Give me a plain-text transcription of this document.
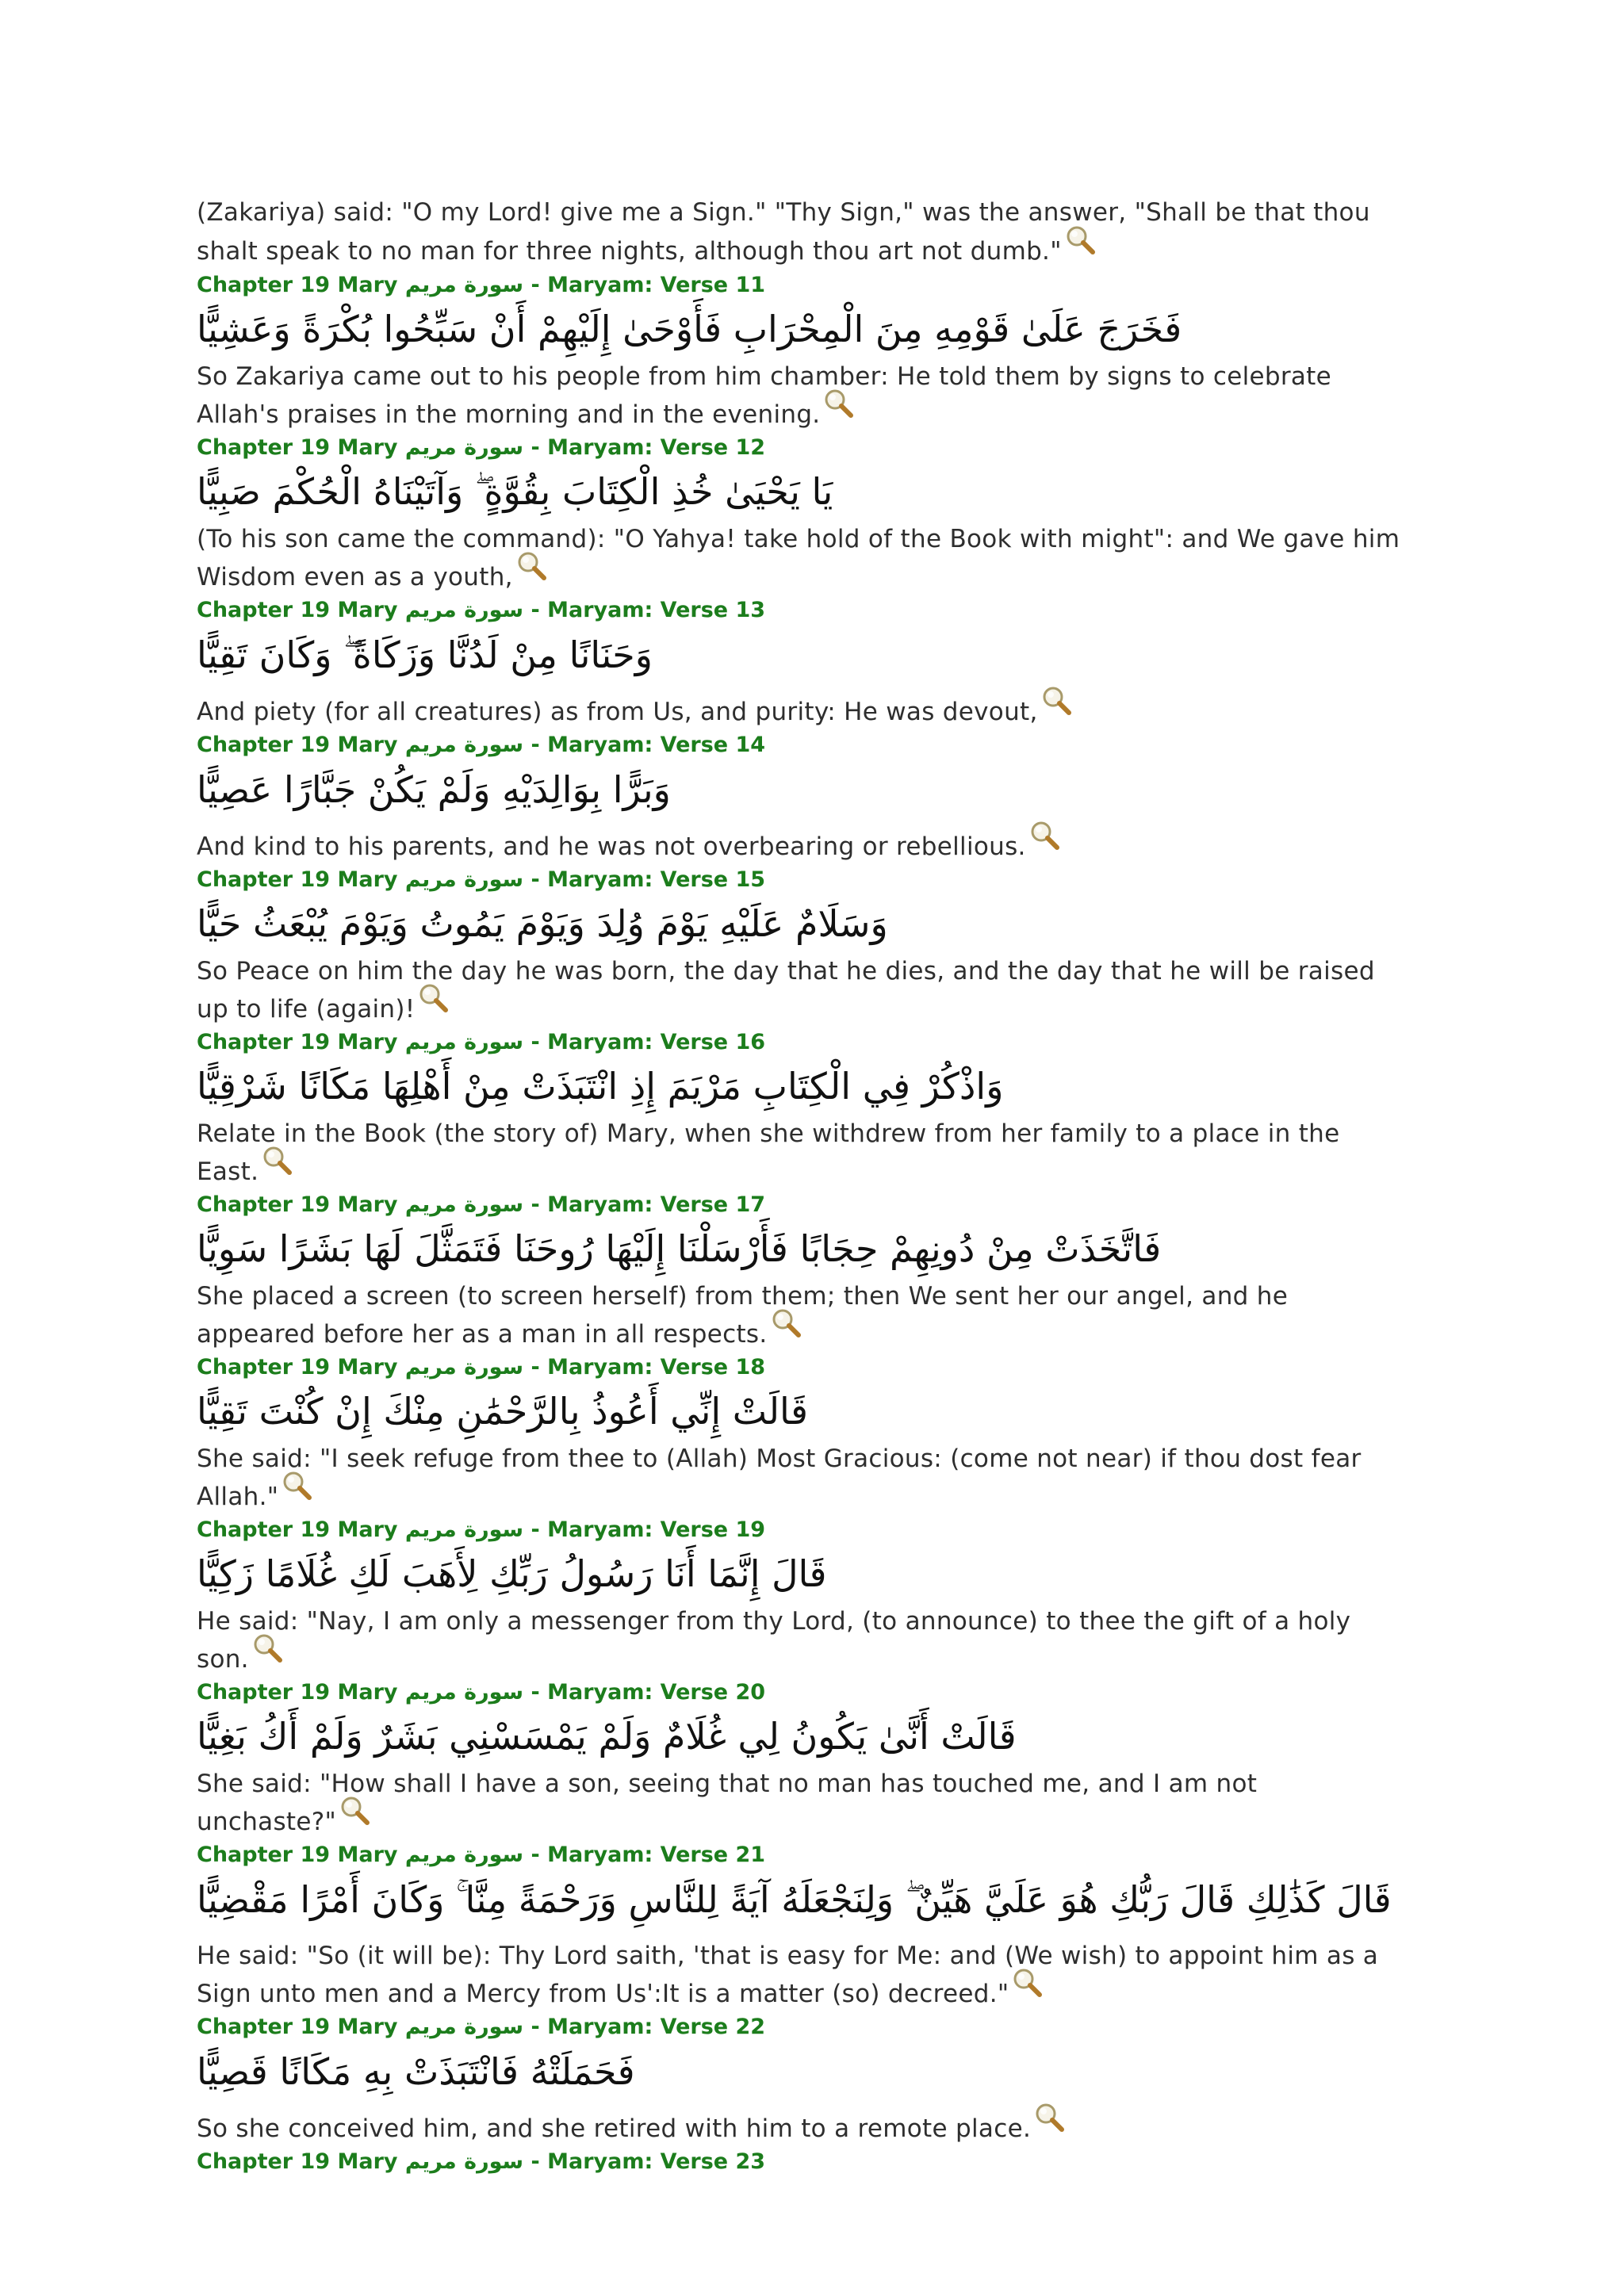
(Zakariya) said: "O my Lord! give me a Sign." "Thy Sign," was the answer, "Shall be that thou shalt speak to no man for three nights, although thou art not dumb."

Chapter 19 Mary سورة مريم - Maryam: Verse 11

فَخَرَجَ عَلَىٰ قَوْمِهِ مِنَ الْمِحْرَابِ فَأَوْحَىٰ إِلَيْهِمْ أَنْ سَبِّحُوا بُكْرَةً وَعَشِيًّا

So Zakariya came out to his people from him chamber: He told them by signs to celebrate Allah's praises in the morning and in the evening.

Chapter 19 Mary سورة مريم - Maryam: Verse 12

يَا يَحْيَىٰ خُذِ الْكِتَابَ بِقُوَّةٍ ۖ وَآتَيْنَاهُ الْحُكْمَ صَبِيًّا

(To his son came the command): "O Yahya! take hold of the Book with might": and We gave him Wisdom even as a youth,

Chapter 19 Mary سورة مريم - Maryam: Verse 13

وَحَنَانًا مِنْ لَدُنَّا وَزَكَاةً ۖ وَكَانَ تَقِيًّا

And piety (for all creatures) as from Us, and purity: He was devout,

Chapter 19 Mary سورة مريم - Maryam: Verse 14

وَبَرًّا بِوَالِدَيْهِ وَلَمْ يَكُنْ جَبَّارًا عَصِيًّا

And kind to his parents, and he was not overbearing or rebellious.

Chapter 19 Mary سورة مريم - Maryam: Verse 15

وَسَلَامٌ عَلَيْهِ يَوْمَ وُلِدَ وَيَوْمَ يَمُوتُ وَيَوْمَ يُبْعَثُ حَيًّا

So Peace on him the day he was born, the day that he dies, and the day that he will be raised up to life (again)!

Chapter 19 Mary سورة مريم - Maryam: Verse 16

وَاذْكُرْ فِي الْكِتَابِ مَرْيَمَ إِذِ انْتَبَذَتْ مِنْ أَهْلِهَا مَكَانًا شَرْقِيًّا

Relate in the Book (the story of) Mary, when she withdrew from her family to a place in the East.

Chapter 19 Mary سورة مريم - Maryam: Verse 17

فَاتَّخَذَتْ مِنْ دُونِهِمْ حِجَابًا فَأَرْسَلْنَا إِلَيْهَا رُوحَنَا فَتَمَثَّلَ لَهَا بَشَرًا سَوِيًّا

She placed a screen (to screen herself) from them; then We sent her our angel, and he appeared before her as a man in all respects.

Chapter 19 Mary سورة مريم - Maryam: Verse 18

قَالَتْ إِنِّي أَعُوذُ بِالرَّحْمَٰنِ مِنْكَ إِنْ كُنْتَ تَقِيًّا

She said: "I seek refuge from thee to (Allah) Most Gracious: (come not near) if thou dost fear Allah."

Chapter 19 Mary سورة مريم - Maryam: Verse 19

قَالَ إِنَّمَا أَنَا رَسُولُ رَبِّكِ لِأَهَبَ لَكِ غُلَامًا زَكِيًّا

He said: "Nay, I am only a messenger from thy Lord, (to announce) to thee the gift of a holy son.

Chapter 19 Mary سورة مريم - Maryam: Verse 20

قَالَتْ أَنَّىٰ يَكُونُ لِي غُلَامٌ وَلَمْ يَمْسَسْنِي بَشَرٌ وَلَمْ أَكُ بَغِيًّا

She said: "How shall I have a son, seeing that no man has touched me, and I am not unchaste?"

Chapter 19 Mary سورة مريم - Maryam: Verse 21

قَالَ كَذَٰلِكِ قَالَ رَبُّكِ هُوَ عَلَيَّ هَيِّنٌ ۖ وَلِنَجْعَلَهُ آيَةً لِلنَّاسِ وَرَحْمَةً مِنَّا ۚ وَكَانَ أَمْرًا مَقْضِيًّا

He said: "So (it will be): Thy Lord saith, 'that is easy for Me: and (We wish) to appoint him as a Sign unto men and a Mercy from Us':It is a matter (so) decreed."

Chapter 19 Mary سورة مريم - Maryam: Verse 22

فَحَمَلَتْهُ فَانْتَبَذَتْ بِهِ مَكَانًا قَصِيًّا

So she conceived him, and she retired with him to a remote place.

Chapter 19 Mary سورة مريم - Maryam: Verse 23
